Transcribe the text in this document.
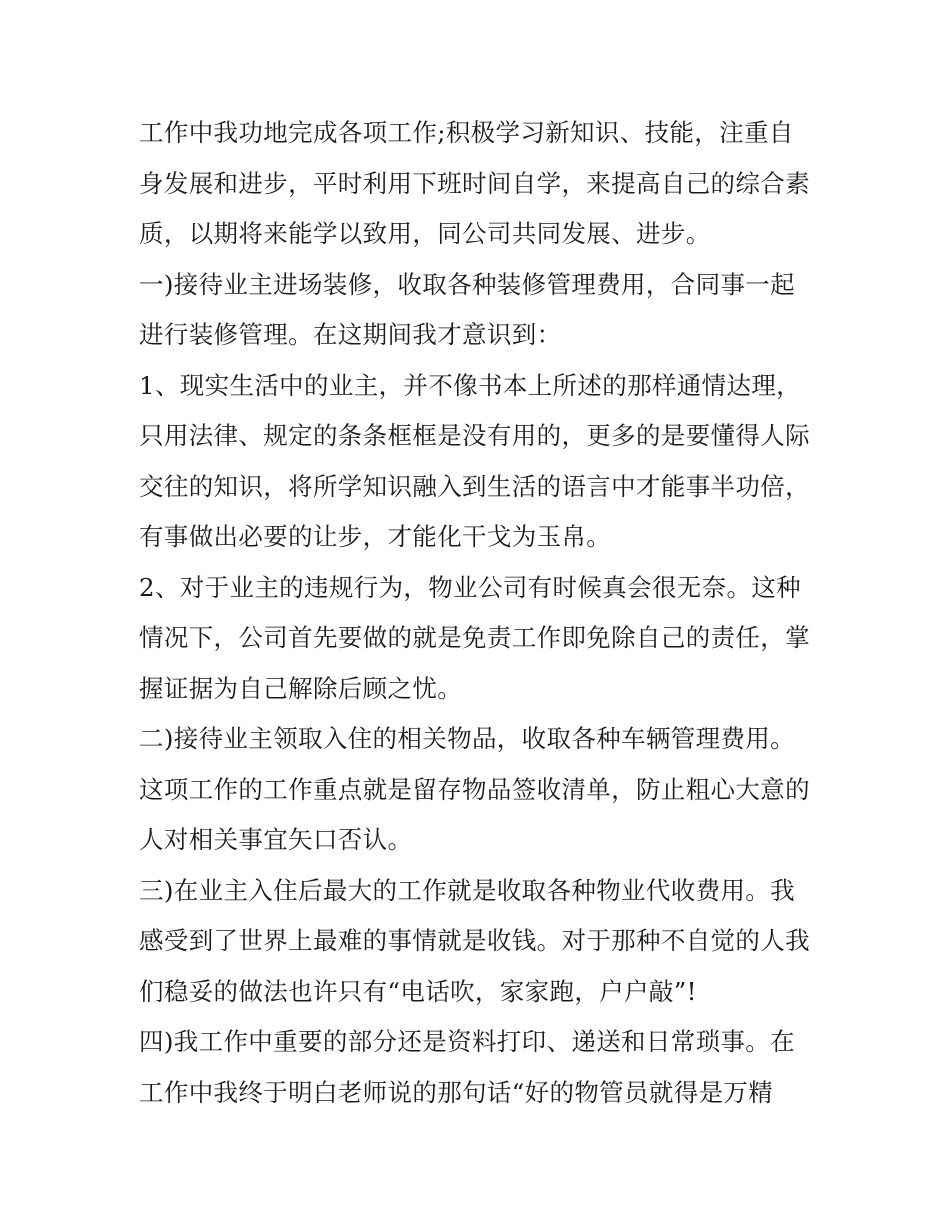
工作中我功地完成各项工作;积极学习新知识、技能，注重自
身发展和进步，平时利用下班时间自学，来提高自己的综合素
质，以期将来能学以致用，同公司共同发展、进步。
一)接待业主进场装修，收取各种装修管理费用，合同事一起
进行装修管理。在这期间我才意识到：
1、现实生活中的业主，并不像书本上所述的那样通情达理，
只用法律、规定的条条框框是没有用的，更多的是要懂得人际
交往的知识，将所学知识融入到生活的语言中才能事半功倍，
有事做出必要的让步，才能化干戈为玉帛。
2、对于业主的违规行为，物业公司有时候真会很无奈。这种
情况下，公司首先要做的就是免责工作即免除自己的责任，掌
握证据为自己解除后顾之忧。
二)接待业主领取入住的相关物品，收取各种车辆管理费用。
这项工作的工作重点就是留存物品签收清单，防止粗心大意的
人对相关事宜矢口否认。
三)在业主入住后最大的工作就是收取各种物业代收费用。我
感受到了世界上最难的事情就是收钱。对于那种不自觉的人我
们稳妥的做法也许只有“电话吹，家家跑，户户敲”!
四)我工作中重要的部分还是资料打印、递送和日常琐事。在
工作中我终于明白老师说的那句话“好的物管员就得是万精
